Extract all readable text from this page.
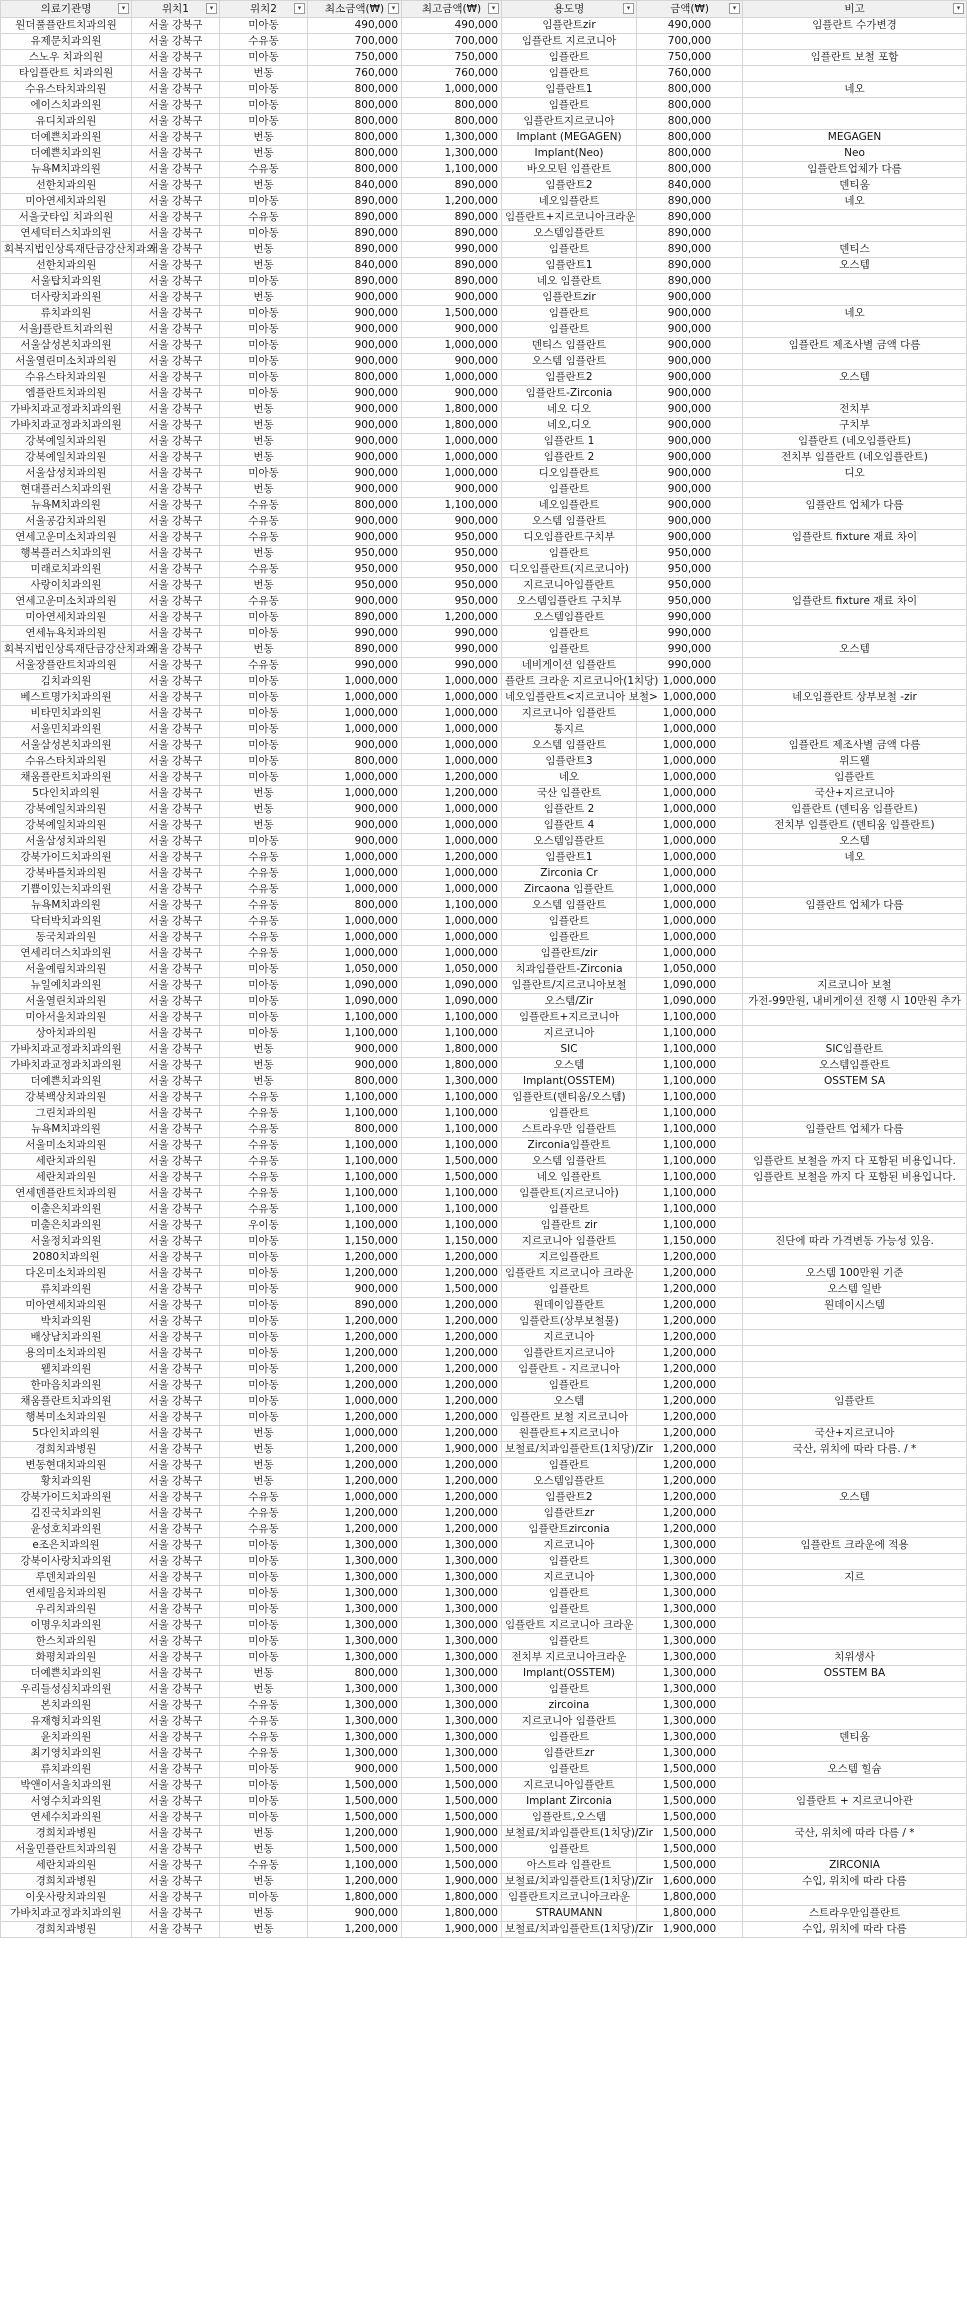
의료기관명 ▾	위치1 ▾	위치2 ▾	최소금액(₩) ▾	최고금액(₩) ▾	용도명 ▾	금액(₩) ▾	비고 ▾

원더풀플란트치과의원	서울 강북구	미아동	490,000	490,000	임플란트zir	490,000	임플란트 수가변경
유제문치과의원	서울 강북구	수유동	700,000	700,000	임플란트 지르코니아	700,000	
스노우 치과의원	서울 강북구	미아동	750,000	750,000	임플란트	750,000	임플란트 보철 포함
타임플란트 치과의원	서울 강북구	번동	760,000	760,000	임플란트	760,000	
수유스타치과의원	서울 강북구	미아동	800,000	1,000,000	임플란트1	800,000	네오
에이스치과의원	서울 강북구	미아동	800,000	800,000	임플란트	800,000	
유디치과의원	서울 강북구	미아동	800,000	800,000	임플란트지르코니아	800,000	
더예쁜치과의원	서울 강북구	번동	800,000	1,300,000	Implant (MEGAGEN)	800,000	MEGAGEN
더예쁜치과의원	서울 강북구	번동	800,000	1,300,000	Implant(Neo)	800,000	Neo
뉴욕M치과의원	서울 강북구	수유동	800,000	1,100,000	바오모틴 임플란트	800,000	임플란트업체가 다름
선한치과의원	서울 강북구	번동	840,000	890,000	임플란트2	840,000	덴티움
미아연세치과의원	서울 강북구	미아동	890,000	1,200,000	네오임플란트	890,000	네오
서울굿타임 치과의원	서울 강북구	수유동	890,000	890,000	임플란트+지르코니아크라운	890,000	
연세덕터스치과의원	서울 강북구	미아동	890,000	890,000	오스템임플란트	890,000	
회복지법인상록재단금강산치과의	서울 강북구	번동	890,000	990,000	임플란트	890,000	덴티스
선한치과의원	서울 강북구	번동	840,000	890,000	임플란트1	890,000	오스템
서울탑치과의원	서울 강북구	미아동	890,000	890,000	네오 임플란트	890,000	
더사랑치과의원	서울 강북구	번동	900,000	900,000	임플란트zir	900,000	
류치과의원	서울 강북구	미아동	900,000	1,500,000	임플란트	900,000	네오
서울J플란트치과의원	서울 강북구	미아동	900,000	900,000	임플란트	900,000	
서울삼성본치과의원	서울 강북구	미아동	900,000	1,000,000	덴티스 임플란트	900,000	임플란트 제조사별 금액 다름
서울열린미소치과의원	서울 강북구	미아동	900,000	900,000	오스템 임플란트	900,000	
수유스타치과의원	서울 강북구	미아동	800,000	1,000,000	임플란트2	900,000	오스템
엠플란트치과의원	서울 강북구	미아동	900,000	900,000	임플란트-Zirconia	900,000	
가바치과교정과치과의원	서울 강북구	번동	900,000	1,800,000	네오 디오	900,000	전치부
가바치과교정과치과의원	서울 강북구	번동	900,000	1,800,000	네오,디오	900,000	구치부
강북예일치과의원	서울 강북구	번동	900,000	1,000,000	임플란트 1	900,000	임플란트 (네오임플란트)
강북예일치과의원	서울 강북구	번동	900,000	1,000,000	임플란트 2	900,000	전치부 임플란트 (네오임플란트)
서울삼성치과의원	서울 강북구	미아동	900,000	1,000,000	디오임플란트	900,000	디오
현대플러스치과의원	서울 강북구	번동	900,000	900,000	임플란트	900,000	
뉴욕M치과의원	서울 강북구	수유동	800,000	1,100,000	네오임플란트	900,000	임플란트 업체가 다름
서울공감치과의원	서울 강북구	수유동	900,000	900,000	오스템 임플란트	900,000	
연세고운미소치과의원	서울 강북구	수유동	900,000	950,000	디오임플란트구치부	900,000	임플란트 fixture 재료 차이
행복플러스치과의원	서울 강북구	번동	950,000	950,000	임플란트	950,000	
미래로치과의원	서울 강북구	수유동	950,000	950,000	디오임플란트(지르코니아)	950,000	
사랑이치과의원	서울 강북구	번동	950,000	950,000	지르코니아임플란트	950,000	
연세고운미소치과의원	서울 강북구	수유동	900,000	950,000	오스템임플란트 구치부	950,000	임플란트 fixture 재료 차이
미아연세치과의원	서울 강북구	미아동	890,000	1,200,000	오스템임플란트	990,000	
연세뉴욕치과의원	서울 강북구	미아동	990,000	990,000	임플란트	990,000	
회복지법인상록재단금강산치과의	서울 강북구	번동	890,000	990,000	임플란트	990,000	오스템
서울장플란트치과의원	서울 강북구	수유동	990,000	990,000	네비게이션 임플란트	990,000	
김치과의원	서울 강북구	미아동	1,000,000	1,000,000	플란트 크라운 지르코니아(1치당)	1,000,000	
베스트명가치과의원	서울 강북구	미아동	1,000,000	1,000,000	네오임플란트<지르코니아 보철>	1,000,000	네오임플란트 상부보철 -zir
비타민치과의원	서울 강북구	미아동	1,000,000	1,000,000	지르코니아 임플란트	1,000,000	
서울민치과의원	서울 강북구	미아동	1,000,000	1,000,000	통지르	1,000,000	
서울삼성본치과의원	서울 강북구	미아동	900,000	1,000,000	오스템 임플란트	1,000,000	임플란트 제조사별 금액 다름
수유스타치과의원	서울 강북구	미아동	800,000	1,000,000	임플란트3	1,000,000	위드웰
채움플란트치과의원	서울 강북구	미아동	1,000,000	1,200,000	네오	1,000,000	임플란트
5다인치과의원	서울 강북구	번동	1,000,000	1,200,000	국산 임플란트	1,000,000	국산+지르코니아
강북예일치과의원	서울 강북구	번동	900,000	1,000,000	임플란트 2	1,000,000	임플란트 (덴티움 임플란트)
강북예일치과의원	서울 강북구	번동	900,000	1,000,000	임플란트 4	1,000,000	전치부 임플란트 (덴티움 임플란트)
서울삼성치과의원	서울 강북구	미아동	900,000	1,000,000	오스템임플란트	1,000,000	오스템
강북가이드치과의원	서울 강북구	수유동	1,000,000	1,200,000	임플란트1	1,000,000	네오
강북바를치과의원	서울 강북구	수유동	1,000,000	1,000,000	Zirconia Cr	1,000,000	
기쁨이있는치과의원	서울 강북구	수유동	1,000,000	1,000,000	Zircaona 임플란트	1,000,000	
뉴욕M치과의원	서울 강북구	수유동	800,000	1,100,000	오스템 임플란트	1,000,000	임플란트 업체가 다름
닥터박치과의원	서울 강북구	수유동	1,000,000	1,000,000	임플란트	1,000,000	
동국치과의원	서울 강북구	수유동	1,000,000	1,000,000	임플란트	1,000,000	
연세리더스치과의원	서울 강북구	수유동	1,000,000	1,000,000	임플란트/zir	1,000,000	
서울예림치과의원	서울 강북구	미아동	1,050,000	1,050,000	치과임플란트-Zirconia	1,050,000	
뉴일예치과의원	서울 강북구	미아동	1,090,000	1,090,000	임플란트/지르코니아보철	1,090,000	지르코니아 보철
서울열린치과의원	서울 강북구	미아동	1,090,000	1,090,000	오스템/Zir	1,090,000	가전-99만원, 내비게이션 진행 시 10만원 추가
미아서울치과의원	서울 강북구	미아동	1,100,000	1,100,000	임플란트+지르코니아	1,100,000	
상아치과의원	서울 강북구	미아동	1,100,000	1,100,000	지르코니아	1,100,000	
가바치과교정과치과의원	서울 강북구	번동	900,000	1,800,000	SIC	1,100,000	SIC임플란트
가바치과교정과치과의원	서울 강북구	번동	900,000	1,800,000	오스템	1,100,000	오스템임플란트
더예쁜치과의원	서울 강북구	번동	800,000	1,300,000	Implant(OSSTEM)	1,100,000	OSSTEM SA
강북백상치과의원	서울 강북구	수유동	1,100,000	1,100,000	임플란트(덴티움/오스템)	1,100,000	
그린치과의원	서울 강북구	수유동	1,100,000	1,100,000	임플란트	1,100,000	
뉴욕M치과의원	서울 강북구	수유동	800,000	1,100,000	스트라우만 임플란트	1,100,000	임플란트 업체가 다름
서울미소치과의원	서울 강북구	수유동	1,100,000	1,100,000	Zirconia임플란트	1,100,000	
세란치과의원	서울 강북구	수유동	1,100,000	1,500,000	오스템 임플란트	1,100,000	임플란트 보철을 까지 다 포함된 비용입니다.
세란치과의원	서울 강북구	수유동	1,100,000	1,500,000	네오 임플란트	1,100,000	임플란트 보철을 까지 다 포함된 비용입니다.
연세덴플란트치과의원	서울 강북구	수유동	1,100,000	1,100,000	임플란트(지르코니아)	1,100,000	
이출은치과의원	서울 강북구	수유동	1,100,000	1,100,000	임플란트	1,100,000	
미출은치과의원	서울 강북구	우이동	1,100,000	1,100,000	임플란트 zir	1,100,000	
서울정치과의원	서울 강북구	미아동	1,150,000	1,150,000	지르코니아 임플란트	1,150,000	진단에 따라 가격변동 가능성 있음.
2080치과의원	서울 강북구	미아동	1,200,000	1,200,000	지르임플란트	1,200,000	
다온미소치과의원	서울 강북구	미아동	1,200,000	1,200,000	임플란트 지르코니아 크라운	1,200,000	오스템 100만원 기준
류치과의원	서울 강북구	미아동	900,000	1,500,000	임플란트	1,200,000	오스템 일반
미아연세치과의원	서울 강북구	미아동	890,000	1,200,000	원데이임플란트	1,200,000	원데이시스템
박치과의원	서울 강북구	미아동	1,200,000	1,200,000	임플란트(상부보철물)	1,200,000	
배상남치과의원	서울 강북구	미아동	1,200,000	1,200,000	지르코니아	1,200,000	
용의미소치과의원	서울 강북구	미아동	1,200,000	1,200,000	임플란트지르코니아	1,200,000	
웰치과의원	서울 강북구	미아동	1,200,000	1,200,000	임플란트 - 지르코니아	1,200,000	
한마음치과의원	서울 강북구	미아동	1,200,000	1,200,000	임플란트	1,200,000	
채움플란트치과의원	서울 강북구	미아동	1,000,000	1,200,000	오스템	1,200,000	임플란트
행복미소치과의원	서울 강북구	미아동	1,200,000	1,200,000	임플란트 보철 지르코니아	1,200,000	
5다인치과의원	서울 강북구	번동	1,000,000	1,200,000	원플란트+지르코니아	1,200,000	국산+지르코니아
경희치과병원	서울 강북구	번동	1,200,000	1,900,000	보철료/치과임플란트(1치당)/Zir	1,200,000	국산, 위치에 따라 다름. / *
변동현대치과의원	서울 강북구	번동	1,200,000	1,200,000	임플란트	1,200,000	
황치과의원	서울 강북구	번동	1,200,000	1,200,000	오스템임플란트	1,200,000	
강북가이드치과의원	서울 강북구	수유동	1,000,000	1,200,000	임플란트2	1,200,000	오스템
김진국치과의원	서울 강북구	수유동	1,200,000	1,200,000	임플란트zr	1,200,000	
윤성호치과의원	서울 강북구	수유동	1,200,000	1,200,000	임플란트zirconia	1,200,000	
e조은치과의원	서울 강북구	미아동	1,300,000	1,300,000	지르코니아	1,300,000	임플란트 크라운에 적용
강북이사랑치과의원	서울 강북구	미아동	1,300,000	1,300,000	임플란트	1,300,000	
루덴치과의원	서울 강북구	미아동	1,300,000	1,300,000	지르코니아	1,300,000	지르
연세밀음치과의원	서울 강북구	미아동	1,300,000	1,300,000	임플란트	1,300,000	
우리치과의원	서울 강북구	미아동	1,300,000	1,300,000	임플란트	1,300,000	
이명우치과의원	서울 강북구	미아동	1,300,000	1,300,000	임플란트 지르코니아 크라운	1,300,000	
한스치과의원	서울 강북구	미아동	1,300,000	1,300,000	임플란트	1,300,000	
화평치과의원	서울 강북구	미아동	1,300,000	1,300,000	전치부 지르코니아크라운	1,300,000	치위생사
더예쁜치과의원	서울 강북구	번동	800,000	1,300,000	Implant(OSSTEM)	1,300,000	OSSTEM BA
우리들성심치과의원	서울 강북구	번동	1,300,000	1,300,000	임플란트	1,300,000	
본치과의원	서울 강북구	수유동	1,300,000	1,300,000	zircoina	1,300,000	
유재형치과의원	서울 강북구	수유동	1,300,000	1,300,000	지르코니아 임플란트	1,300,000	
윤치과의원	서울 강북구	수유동	1,300,000	1,300,000	임플란트	1,300,000	덴티움
최기영치과의원	서울 강북구	수유동	1,300,000	1,300,000	임플란트zr	1,300,000	
류치과의원	서울 강북구	미아동	900,000	1,500,000	임플란트	1,500,000	오스템 힐슘
박앤이서울치과의원	서울 강북구	미아동	1,500,000	1,500,000	지르코니아임플란트	1,500,000	
서영수치과의원	서울 강북구	미아동	1,500,000	1,500,000	Implant Zirconia	1,500,000	임플란트 + 지르코니아관
연세수치과의원	서울 강북구	미아동	1,500,000	1,500,000	임플란트,오스템	1,500,000	
경희치과병원	서울 강북구	번동	1,200,000	1,900,000	보철료/치과임플란트(1치당)/Zir	1,500,000	국산, 위치에 따라 다름 / *
서울민플란트치과의원	서울 강북구	번동	1,500,000	1,500,000	임플란트	1,500,000	
세란치과의원	서울 강북구	수유동	1,100,000	1,500,000	아스트라 임플란트	1,500,000	ZIRCONIA
경희치과병원	서울 강북구	번동	1,200,000	1,900,000	보철료/치과임플란트(1치당)/Zir	1,600,000	수입, 위치에 따라 다름
이웃사랑치과의원	서울 강북구	미아동	1,800,000	1,800,000	임플란트지르코니아크라운	1,800,000	
가바치과교정과치과의원	서울 강북구	번동	900,000	1,800,000	STRAUMANN	1,800,000	스트라우만임플란트
경희치과병원	서울 강북구	번동	1,200,000	1,900,000	보철료/치과임플란트(1치당)/Zir	1,900,000	수입, 위치에 따라 다름
